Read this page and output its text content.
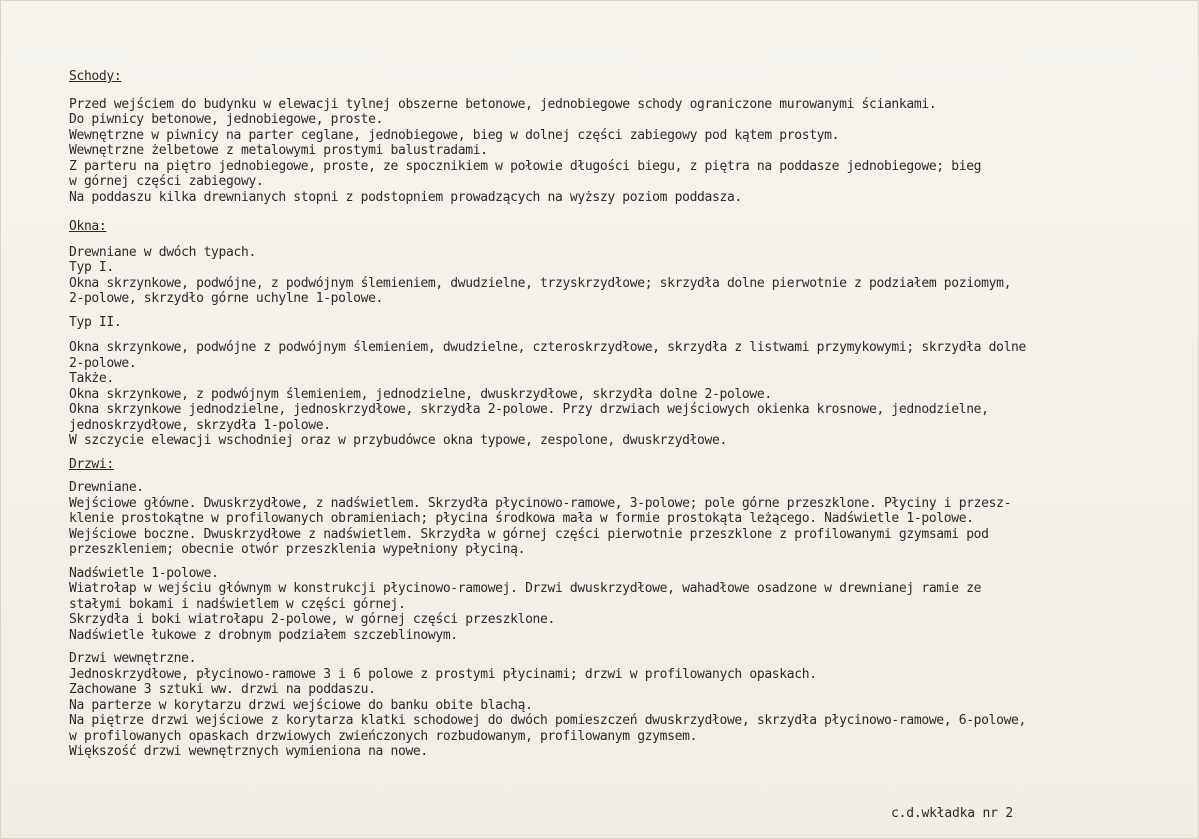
Schody:

Przed wejściem do budynku w elewacji tylnej obszerne betonowe, jednobiegowe schody ograniczone murowanymi ściankami.

Do piwnicy betonowe, jednobiegowe, proste.

Wewnętrzne w piwnicy na parter ceglane, jednobiegowe, bieg w dolnej części zabiegowy pod kątem prostym.

Wewnętrzne żelbetowe z metalowymi prostymi balustradami.

Z parteru na piętro jednobiegowe, proste, ze spocznikiem w połowie długości biegu, z piętra na poddasze jednobiegowe; bieg

w górnej części zabiegowy.

Na poddaszu kilka drewnianych stopni z podstopniem prowadzących na wyższy poziom poddasza.

Okna:

Drewniane w dwóch typach.

Typ I.

Okna skrzynkowe, podwójne, z podwójnym ślemieniem, dwudzielne, trzyskrzydłowe; skrzydła dolne pierwotnie z podziałem poziomym,

2-polowe, skrzydło górne uchylne 1-polowe.

Typ II.

Okna skrzynkowe, podwójne z podwójnym ślemieniem, dwudzielne, czteroskrzydłowe, skrzydła z listwami przymykowymi; skrzydła dolne

2-polowe.

Także.

Okna skrzynkowe, z podwójnym ślemieniem, jednodzielne, dwuskrzydłowe, skrzydła dolne 2-polowe.

Okna skrzynkowe jednodzielne, jednoskrzydłowe, skrzydła 2-polowe. Przy drzwiach wejściowych okienka krosnowe, jednodzielne,

jednoskrzydłowe, skrzydła 1-polowe.

W szczycie elewacji wschodniej oraz w przybudówce okna typowe, zespolone, dwuskrzydłowe.

Drzwi:

Drewniane.

Wejściowe główne. Dwuskrzydłowe, z nadświetlem. Skrzydła płycinowo-ramowe, 3-polowe; pole górne przeszklone. Płyciny i przesz-

klenie prostokątne w profilowanych obramieniach; płycina środkowa mała w formie prostokąta leżącego. Nadświetle 1-polowe.

Wejściowe boczne. Dwuskrzydłowe z nadświetlem. Skrzydła w górnej części pierwotnie przeszklone z profilowanymi gzymsami pod

przeszkleniem; obecnie otwór przeszklenia wypełniony płyciną.

Nadświetle 1-polowe.

Wiatrołap w wejściu głównym w konstrukcji płycinowo-ramowej. Drzwi dwuskrzydłowe, wahadłowe osadzone w drewnianej ramie ze

stałymi bokami i nadświetlem w części górnej.

Skrzydła i boki wiatrołapu 2-polowe, w górnej części przeszklone.

Nadświetle łukowe z drobnym podziałem szczeblinowym.

Drzwi wewnętrzne.

Jednoskrzydłowe, płycinowo-ramowe 3 i 6 polowe z prostymi płycinami; drzwi w profilowanych opaskach.

Zachowane 3 sztuki ww. drzwi na poddaszu.

Na parterze w korytarzu drzwi wejściowe do banku obite blachą.

Na piętrze drzwi wejściowe z korytarza klatki schodowej do dwóch pomieszczeń dwuskrzydłowe, skrzydła płycinowo-ramowe, 6-polowe,

w profilowanych opaskach drzwiowych zwieńczonych rozbudowanym, profilowanym gzymsem.

Większość drzwi wewnętrznych wymieniona na nowe.

c.d.wkładka nr 2
